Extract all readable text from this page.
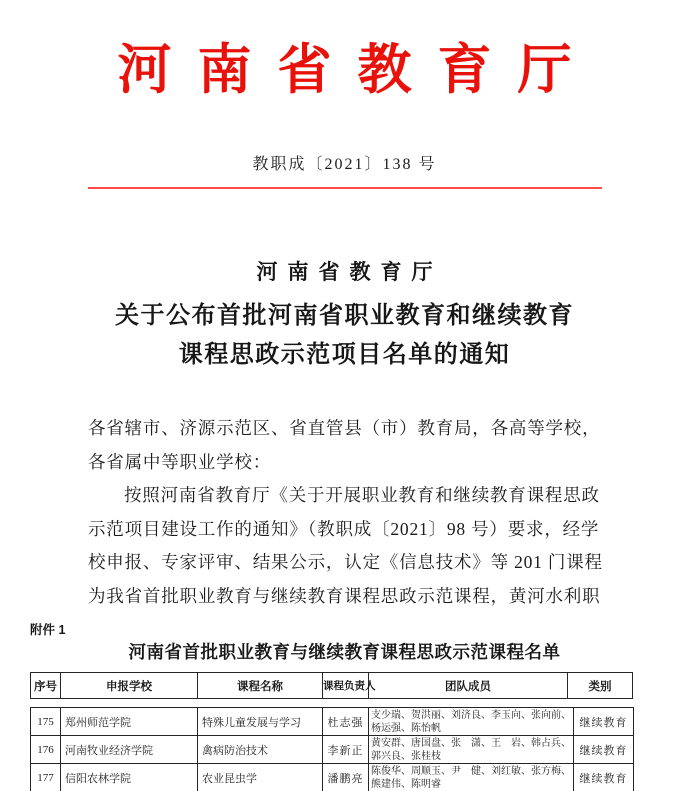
河南省教育厅
教职成〔2021〕138 号
河南省教育厅
关于公布首批河南省职业教育和继续教育
课程思政示范项目名单的通知
各省辖市、济源示范区、省直管县（市）教育局，各高等学校，
各省属中等职业学校：
按照河南省教育厅《关于开展职业教育和继续教育课程思政
示范项目建设工作的通知》（教职成〔2021〕98 号）要求，经学
校申报、专家评审、结果公示，认定《信息技术》等 201 门课程
为我省首批职业教育与继续教育课程思政示范课程，黄河水利职
附件 1
河南省首批职业教育与继续教育课程思政示范课程名单
序号	申报学校	课程名称	课程负责人	团队成员	类别
175	郑州师范学院	特殊儿童发展与学习	杜志强	支少瑞、贺洪丽、刘济良、李玉向、张向前、杨运强、陈怡帆	继续教育
176	河南牧业经济学院	禽病防治技术	李新正	黄安群、唐国盘、张　潇、王　岩、韩占兵、郭兴良、张桂枝	继续教育
177	信阳农林学院	农业昆虫学	潘鹏亮	陈俊华、周顺玉、尹　健、刘红敏、张方梅、熊建伟、陈明睿	继续教育
